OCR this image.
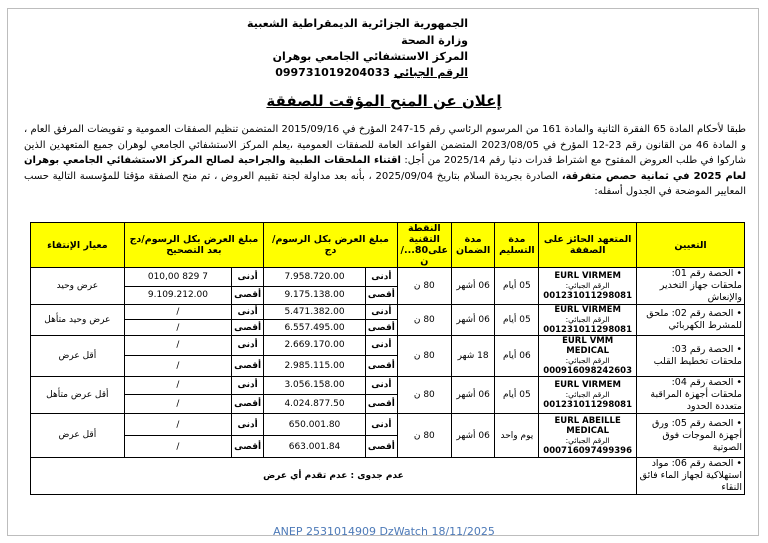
الجمهورية الجزائرية الديمقراطية الشعبية
وزارة الصحة
المركز الاستشفائي الجامعي بوهران
الرقم الجبائي 099731019204033
إعلان عن المنح المؤقت للصفقة
طبقا لأحكام المادة 65 الفقرة الثانية والمادة 161 من المرسوم الرئاسي رقم 15-247 المؤرخ في 2015/09/16 المتضمن تنظيم الصفقات العمومية و تفويضات المرفق العام ، و المادة 46 من القانون رقم 23-12 المؤرخ في 2023/08/05 المتضمن القواعد العامة للصفقات العمومية ،يعلم المركز الاستشفائي الجامعي لوهران جميع المتعهدين الذين شاركوا في طلب العروض المفتوح مع اشتراط قدرات دنيا رقم 2025/14 من أجل: اقتناء الملحقات الطبية والجراحية لصالح المركز الاستشفائي الجامعي بوهران لعام 2025 في ثمانية حصص متفرقة، الصادرة بجريدة السلام بتاريخ 2025/09/04 ، بأنه بعد مداولة لجنة تقييم العروض ، تم منح الصفقة مؤقتا للمؤسسة التالية حسب المعايير الموضحة في الجدول أسفله:
التعيين	المتعهد الحائز على الصفقة	مدة التسليم	مدة الضمان	النقطة التقنية على80.../ن	مبلغ العرض بكل الرسوم/ دج		مبلغ العرض بكل الرسوم/دج بعد التصحيح		معيار الإنتقاء
• الحصة رقم 01: ملحقات جهاز التخدير والإنعاش	EURL VIRMEM
الرقم الجبائي:
001231011298081	05 أيام	06 أشهر	80 ن	أدنى	7.958.720.00	أدنى	7 829 010,00	عرض وحيد
					أقصى	9.175.138.00	أقصى	9.109.212.00	
• الحصة رقم 02: ملحق للمشرط الكهربائي	EURL VIRMEM
الرقم الجبائي:
001231011298081	05 أيام	06 أشهر	80 ن	أدنى	5.471.382.00	أدنى	/	عرض وحيد متأهل
					أقصى	6.557.495.00	أقصى	/	
• الحصة رقم 03: ملحقات تخطيط القلب	EURL VMM MEDICAL
الرقم الجبائي:
000916098242603	06 أيام	18 شهر	80 ن	أدنى	2.669.170.00	أدنى	/	أقل عرض
					أقصى	2.985.115.00	أقصى	/	
• الحصة رقم 04: ملحقات أجهزة المراقبة متعددة الحدود	EURL VIRMEM
الرقم الجبائي:
001231011298081	05 أيام	06 أشهر	80 ن	أدنى	3.056.158.00	أدنى	/	أقل عرض متأهل
					أقصى	4.024.877.50	أقصى	/	
• الحصة رقم 05: ورق أجهزة الموجات فوق الصوتية	EURL ABEILLE MEDICAL
الرقم الجبائي:
000716097499396	يوم واحد	06 أشهر	80 ن	أدنى	650.001.80	أدنى	/	أقل عرض
					أقصى	663.001.84	أقصى	/	
• الحصة رقم 06: مواد استهلاكية لجهاز الماء فائق النقاء	عدم جدوى : عدم تقدم أي عرض								
ANEP 2531014909 DzWatch 18/11/2025
